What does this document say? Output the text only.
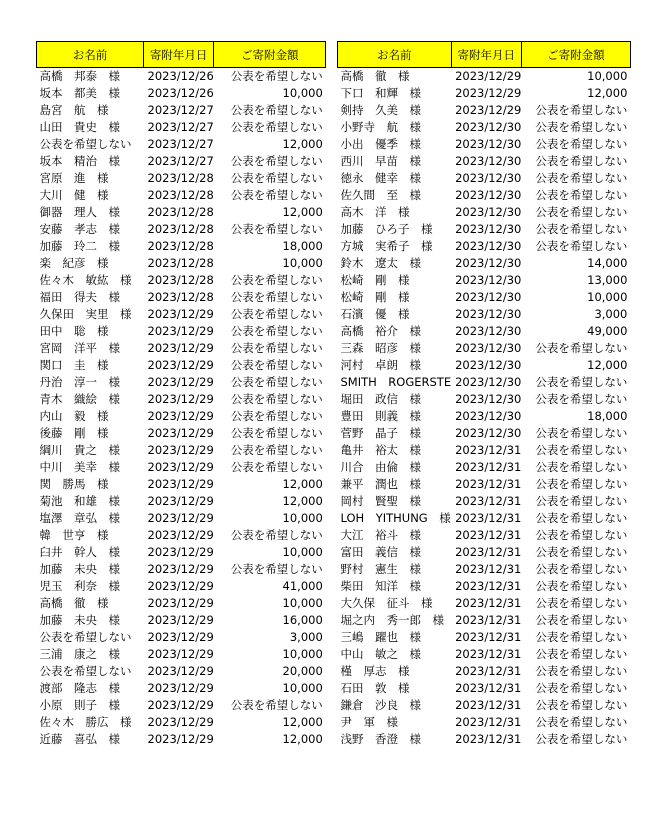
お名前	寄附年月日	ご寄附金額
高橋　邦泰　様	2023/12/26	公表を希望しない
坂本　都美　様	2023/12/26	10,000
島宮　航　様	2023/12/27	公表を希望しない
山田　貴史　様	2023/12/27	公表を希望しない
公表を希望しない	2023/12/27	12,000
坂本　精治　様	2023/12/27	公表を希望しない
宮原　進　様	2023/12/28	公表を希望しない
大川　健　様	2023/12/28	公表を希望しない
御器　理人　様	2023/12/28	12,000
安藤　孝志　様	2023/12/28	公表を希望しない
加藤　玲二　様	2023/12/28	18,000
楽　紀彦　様	2023/12/28	10,000
佐々木　敏紘　様	2023/12/28	公表を希望しない
福田　得夫　様	2023/12/28	公表を希望しない
久保田　実里　様	2023/12/29	公表を希望しない
田中　聡　様	2023/12/29	公表を希望しない
宮岡　洋平　様	2023/12/29	公表を希望しない
関口　圭　様	2023/12/29	公表を希望しない
丹治　淳一　様	2023/12/29	公表を希望しない
青木　織絵　様	2023/12/29	公表を希望しない
内山　毅　様	2023/12/29	公表を希望しない
後藤　剛　様	2023/12/29	公表を希望しない
綱川　貴之　様	2023/12/29	公表を希望しない
中川　美幸　様	2023/12/29	公表を希望しない
関　勝馬　様	2023/12/29	12,000
菊池　和雄　様	2023/12/29	12,000
塩澤　章弘　様	2023/12/29	10,000
韓　世亨　様	2023/12/29	公表を希望しない
臼井　幹人　様	2023/12/29	10,000
加藤　未央　様	2023/12/29	公表を希望しない
児玉　利奈　様	2023/12/29	41,000
高橋　徹　様	2023/12/29	10,000
加藤　未央　様	2023/12/29	16,000
公表を希望しない	2023/12/29	3,000
三浦　康之　様	2023/12/29	10,000
公表を希望しない	2023/12/29	20,000
渡部　隆志　様	2023/12/29	10,000
小原　則子　様	2023/12/29	公表を希望しない
佐々木　勝広　様	2023/12/29	12,000
近藤　喜弘　様	2023/12/29	12,000
お名前	寄附年月日	ご寄附金額
高橋　徹　様	2023/12/29	10,000
下口　和輝　様	2023/12/29	12,000
剣持　久美　様	2023/12/29	公表を希望しない
小野寺　航　様	2023/12/30	公表を希望しない
小出　優季　様	2023/12/30	公表を希望しない
西川　早苗　様	2023/12/30	公表を希望しない
徳永　健幸　様	2023/12/30	公表を希望しない
佐久間　至　様	2023/12/30	公表を希望しない
高木　洋　様	2023/12/30	公表を希望しない
加藤　ひろ子　様	2023/12/30	公表を希望しない
方城　実希子　様	2023/12/30	公表を希望しない
鈴木　遼太　様	2023/12/30	14,000
松崎　剛　様	2023/12/30	13,000
松崎　剛　様	2023/12/30	10,000
石濱　優　様	2023/12/30	3,000
高橋　裕介　様	2023/12/30	49,000
三森　昭彦　様	2023/12/30	公表を希望しない
河村　卓朗　様	2023/12/30	12,000
SMITH　ROGERSTE	2023/12/30	公表を希望しない
堀田　政信　様	2023/12/30	公表を希望しない
豊田　則義　様	2023/12/30	18,000
菅野　晶子　様	2023/12/30	公表を希望しない
亀井　裕太　様	2023/12/31	公表を希望しない
川合　由倫　様	2023/12/31	公表を希望しない
兼平　潤也　様	2023/12/31	公表を希望しない
岡村　賢聖　様	2023/12/31	公表を希望しない
LOH　YITHUNG　様	2023/12/31	公表を希望しない
大江　裕斗　様	2023/12/31	公表を希望しない
富田　義信　様	2023/12/31	公表を希望しない
野村　憲生　様	2023/12/31	公表を希望しない
柴田　知洋　様	2023/12/31	公表を希望しない
大久保　征斗　様	2023/12/31	公表を希望しない
堀之内　秀一郎　様	2023/12/31	公表を希望しない
三嶋　躍也　様	2023/12/31	公表を希望しない
中山　敏之　様	2023/12/31	公表を希望しない
槿　厚志　様	2023/12/31	公表を希望しない
石田　敦　様	2023/12/31	公表を希望しない
鎌倉　沙良　様	2023/12/31	公表を希望しない
尹　軍　様	2023/12/31	公表を希望しない
浅野　香澄　様	2023/12/31	公表を希望しない
